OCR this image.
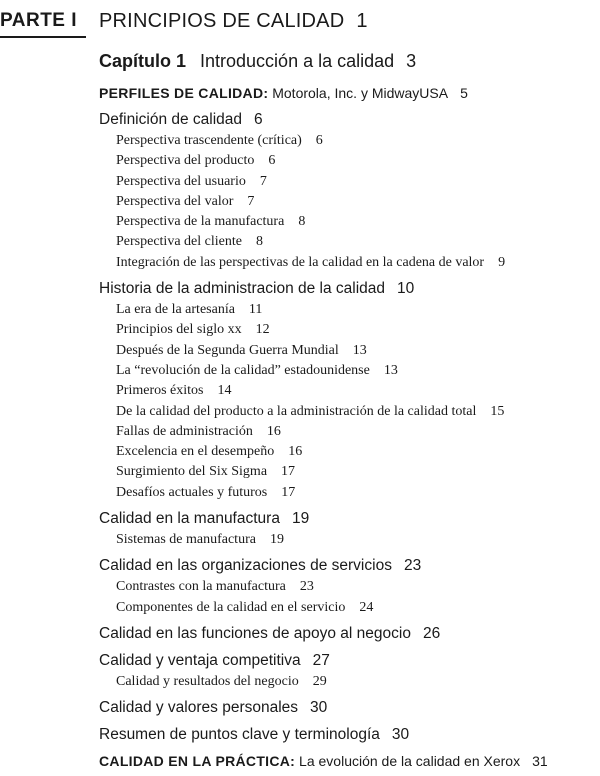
PARTE I	PRINCIPIOS DE CALIDAD 1
Capítulo 1 Introducción a la calidad 3
PERFILES DE CALIDAD: Motorola, Inc. y MidwayUSA 5
Definición de calidad 6
Perspectiva trascendente (crítica) 6
Perspectiva del producto 6
Perspectiva del usuario 7
Perspectiva del valor 7
Perspectiva de la manufactura 8
Perspectiva del cliente 8
Integración de las perspectivas de la calidad en la cadena de valor 9
Historia de la administracion de la calidad 10
La era de la artesanía 11
Principios del siglo xx 12
Después de la Segunda Guerra Mundial 13
La “revolución de la calidad” estadounidense 13
Primeros éxitos 14
De la calidad del producto a la administración de la calidad total 15
Fallas de administración 16
Excelencia en el desempeño 16
Surgimiento del Six Sigma 17
Desafíos actuales y futuros 17
Calidad en la manufactura 19
Sistemas de manufactura 19
Calidad en las organizaciones de servicios 23
Contrastes con la manufactura 23
Componentes de la calidad en el servicio 24
Calidad en las funciones de apoyo al negocio 26
Calidad y ventaja competitiva 27
Calidad y resultados del negocio 29
Calidad y valores personales 30
Resumen de puntos clave y terminología 30
CALIDAD EN LA PRÁCTICA: La evolución de la calidad en Xerox 31
